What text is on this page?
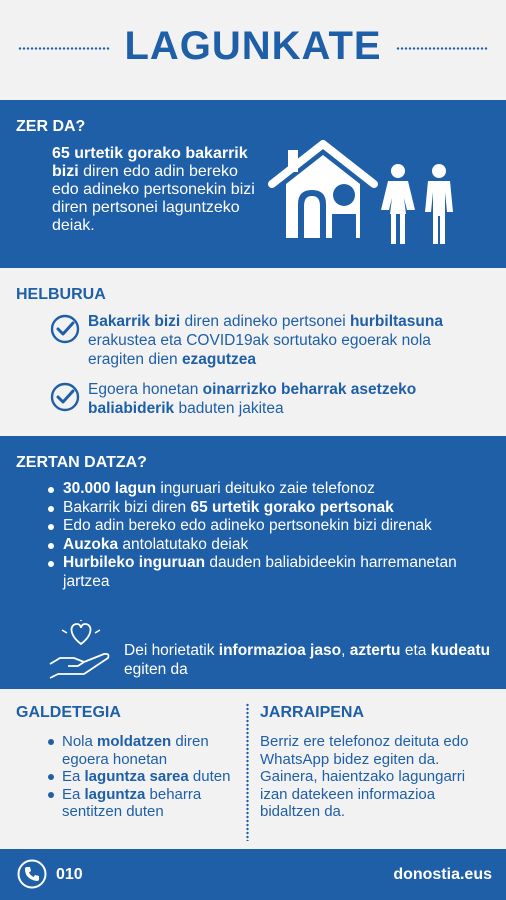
LAGUNKATE
ZER DA?
65 urtetik gorako bakarrik bizi diren edo adin bereko edo adineko pertsonekin bizi diren pertsonei laguntzeko deiak.
HELBURUA
Bakarrik bizi diren adineko pertsonei hurbiltasuna erakustea eta COVID19ak sortutako egoerak nola eragiten dien ezagutzea
Egoera honetan oinarrizko beharrak asetzeko baliabiderik baduten jakitea
ZERTAN DATZA?
30.000 lagun inguruari deituko zaie telefonoz
Bakarrik bizi diren 65 urtetik gorako pertsonak
Edo adin bereko edo adineko pertsonekin bizi direnak
Auzoka antolatutako deiak
Hurbileko inguruan dauden baliabideekin harremanetan jartzea
Dei horietatik informazioa jaso, aztertu eta kudeatu egiten da
GALDETEGIA
Nola moldatzen diren egoera honetan
Ea laguntza sarea duten
Ea laguntza beharra sentitzen duten
JARRAIPENA
Berriz ere telefonoz deituta edo WhatsApp bidez egiten da. Gainera, haientzako lagungarri izan datekeen informazioa bidaltzen da.
010	donostia.eus
